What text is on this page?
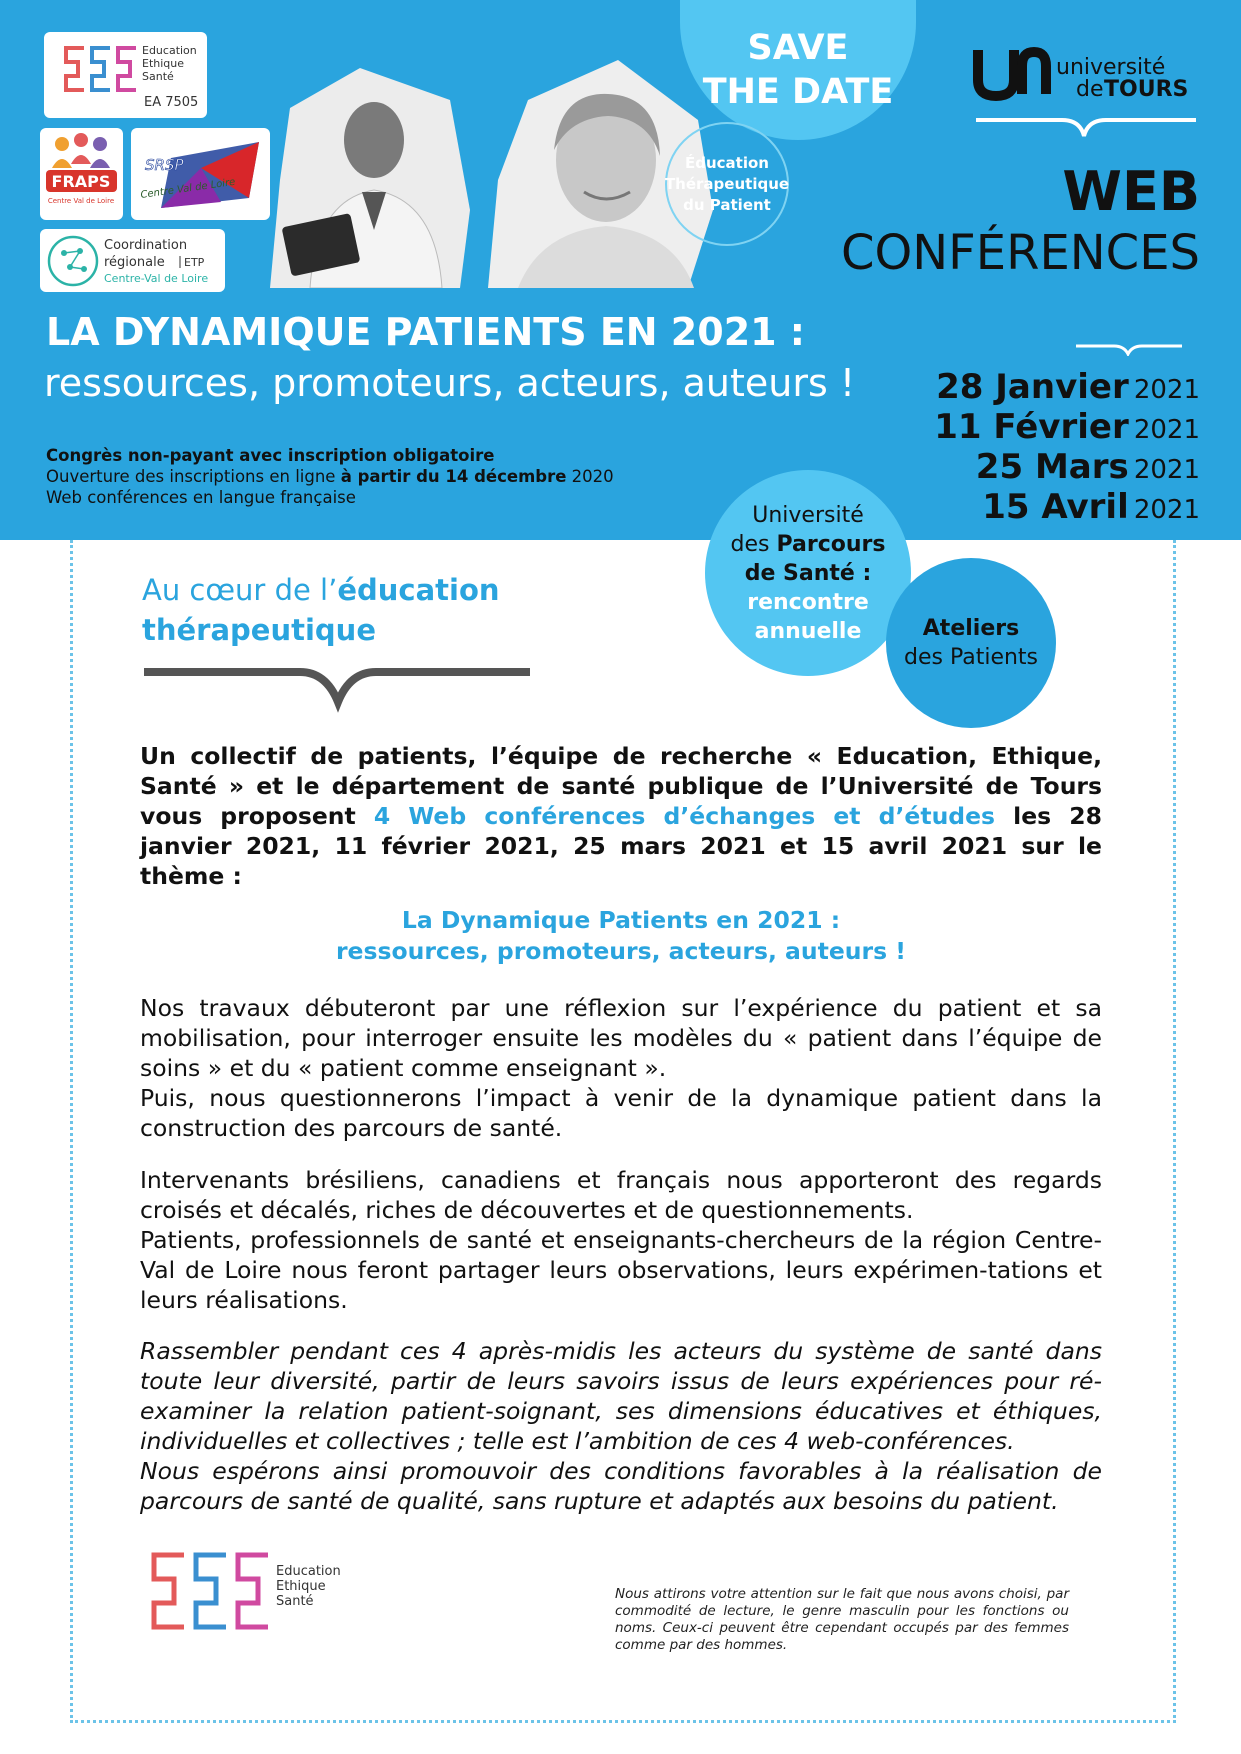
Education
Ethique
Santé
EA 7505
FRAPS
Centre Val de Loire
SRSP
Centre Val de Loire
Coordination
régionale ETP
Centre-Val de Loire
SAVE
THE DATE
Éducation
Thérapeutique
du Patient
université
de TOURS
WEB
CONFÉRENCES
LA DYNAMIQUE PATIENTS EN 2021 :
ressources, promoteurs, acteurs, auteurs !
Congrès non-payant avec inscription obligatoire
Ouverture des inscriptions en ligne à partir du 14 décembre 2020
Web conférences en langue française
28 Janvier 2021
11 Février 2021
25 Mars 2021
15 Avril 2021
Université
des Parcours
de Santé :
rencontre
annuelle	Ateliers
des Patients
Au cœur de l’éducation
thérapeutique

Un collectif de patients, l’équipe de recherche « Education, Ethique, Santé » et le département de santé publique de l’Université de Tours vous proposent 4 Web conférences d’échanges et d’études les 28 janvier 2021, 11 février 2021, 25 mars 2021 et 15 avril 2021 sur le thème :

La Dynamique Patients en 2021 :
ressources, promoteurs, acteurs, auteurs !

Nos travaux débuteront par une réflexion sur l’expérience du patient et sa mobilisation, pour interroger ensuite les modèles du « patient dans l’équipe de soins » et du « patient comme enseignant ».

Puis, nous questionnerons l’impact à venir de la dynamique patient dans la construction des parcours de santé.

Intervenants brésiliens, canadiens et français nous apporteront des regards croisés et décalés, riches de découvertes et de questionnements.

Patients, professionnels de santé et enseignants-chercheurs de la région Centre-Val de Loire nous feront partager leurs observations, leurs expérimen-tations et leurs réalisations.

Rassembler pendant ces 4 après-midis les acteurs du système de santé dans toute leur diversité, partir de leurs savoirs issus de leurs expériences pour ré-examiner la relation patient-soignant, ses dimensions éducatives et éthiques, individuelles et collectives ; telle est l’ambition de ces 4 web-conférences.

Nous espérons ainsi promouvoir des conditions favorables à la réalisation de parcours de santé de qualité, sans rupture et adaptés aux besoins du patient.

Education
Ethique
Santé	Nous attirons votre attention sur le fait que nous avons choisi, par commodité de lecture, le genre masculin pour les fonctions ou noms. Ceux-ci peuvent être cependant occupés par des femmes comme par des hommes.
